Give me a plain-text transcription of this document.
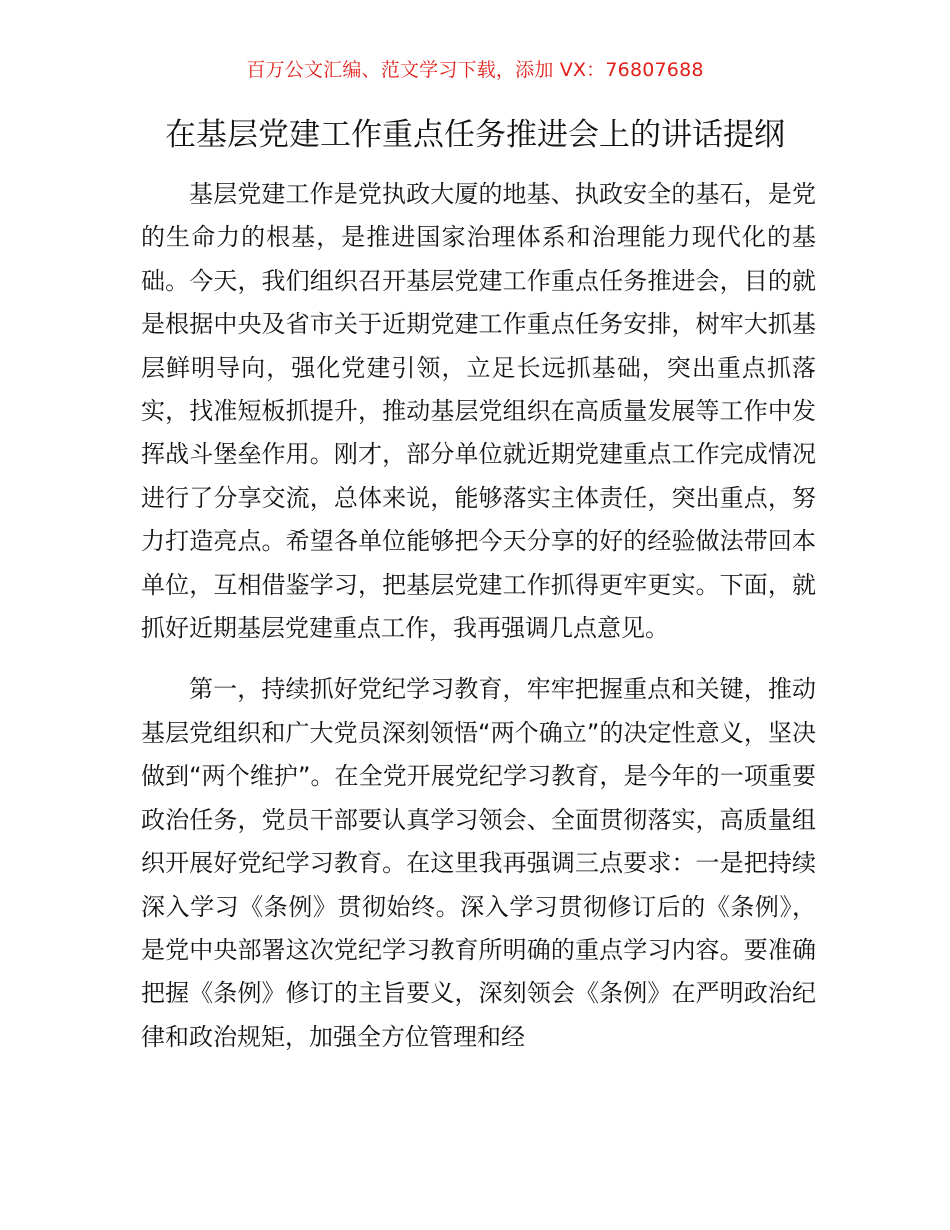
百万公文汇编、范文学习下载，添加 VX：76807688
在基层党建工作重点任务推进会上的讲话提纲

基层党建工作是党执政大厦的地基、执政安全的基石，是党的生命力的根基，是推进国家治理体系和治理能力现代化的基础。今天，我们组织召开基层党建工作重点任务推进会，目的就是根据中央及省市关于近期党建工作重点任务安排，树牢大抓基层鲜明导向，强化党建引领，立足长远抓基础，突出重点抓落实，找准短板抓提升，推动基层党组织在高质量发展等工作中发挥战斗堡垒作用。刚才，部分单位就近期党建重点工作完成情况进行了分享交流，总体来说，能够落实主体责任，突出重点，努力打造亮点。希望各单位能够把今天分享的好的经验做法带回本单位，互相借鉴学习，把基层党建工作抓得更牢更实。下面，就抓好近期基层党建重点工作，我再强调几点意见。

第一，持续抓好党纪学习教育，牢牢把握重点和关键，推动基层党组织和广大党员深刻领悟“两个确立”的决定性意义，坚决做到“两个维护”。在全党开展党纪学习教育，是今年的一项重要政治任务，党员干部要认真学习领会、全面贯彻落实，高质量组织开展好党纪学习教育。在这里我再强调三点要求：一是把持续深入学习《条例》贯彻始终。深入学习贯彻修订后的《条例》，是党中央部署这次党纪学习教育所明确的重点学习内容。要准确把握《条例》修订的主旨要义，深刻领会《条例》在严明政治纪律和政治规矩，加强全方位管理和经
